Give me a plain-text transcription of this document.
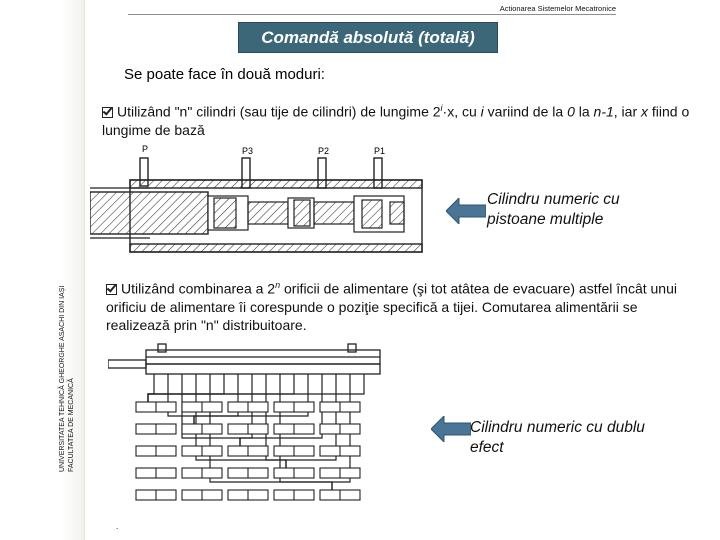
Actionarea Sistemelor Mecatronice
Comandă absolută (totală)
UNIVERSITATEA TEHNICĂ GHEORGHE ASACHI DIN IAȘI FACULTATEA DE MECANICĂ
Se poate face în două moduri:
Utilizând "n" cilindri (sau tije de cilindri) de lungime $2^i\cdot x$, cu i variind de la 0 la n-1, iar x fiind o lungime de bază
P	P3	P2	P1
Cilindru numeric cu
pistoane multiple
Utilizând combinarea a 2$^n$ orificii de alimentare (şi tot atâtea de evacuare) astfel încât unui orificiu de alimentare îi corespunde o poziţie specifică a tijei. Comutarea alimentării se realizează prin "n" distribuitoare.
Cilindru numeric cu dublu
efect
.
